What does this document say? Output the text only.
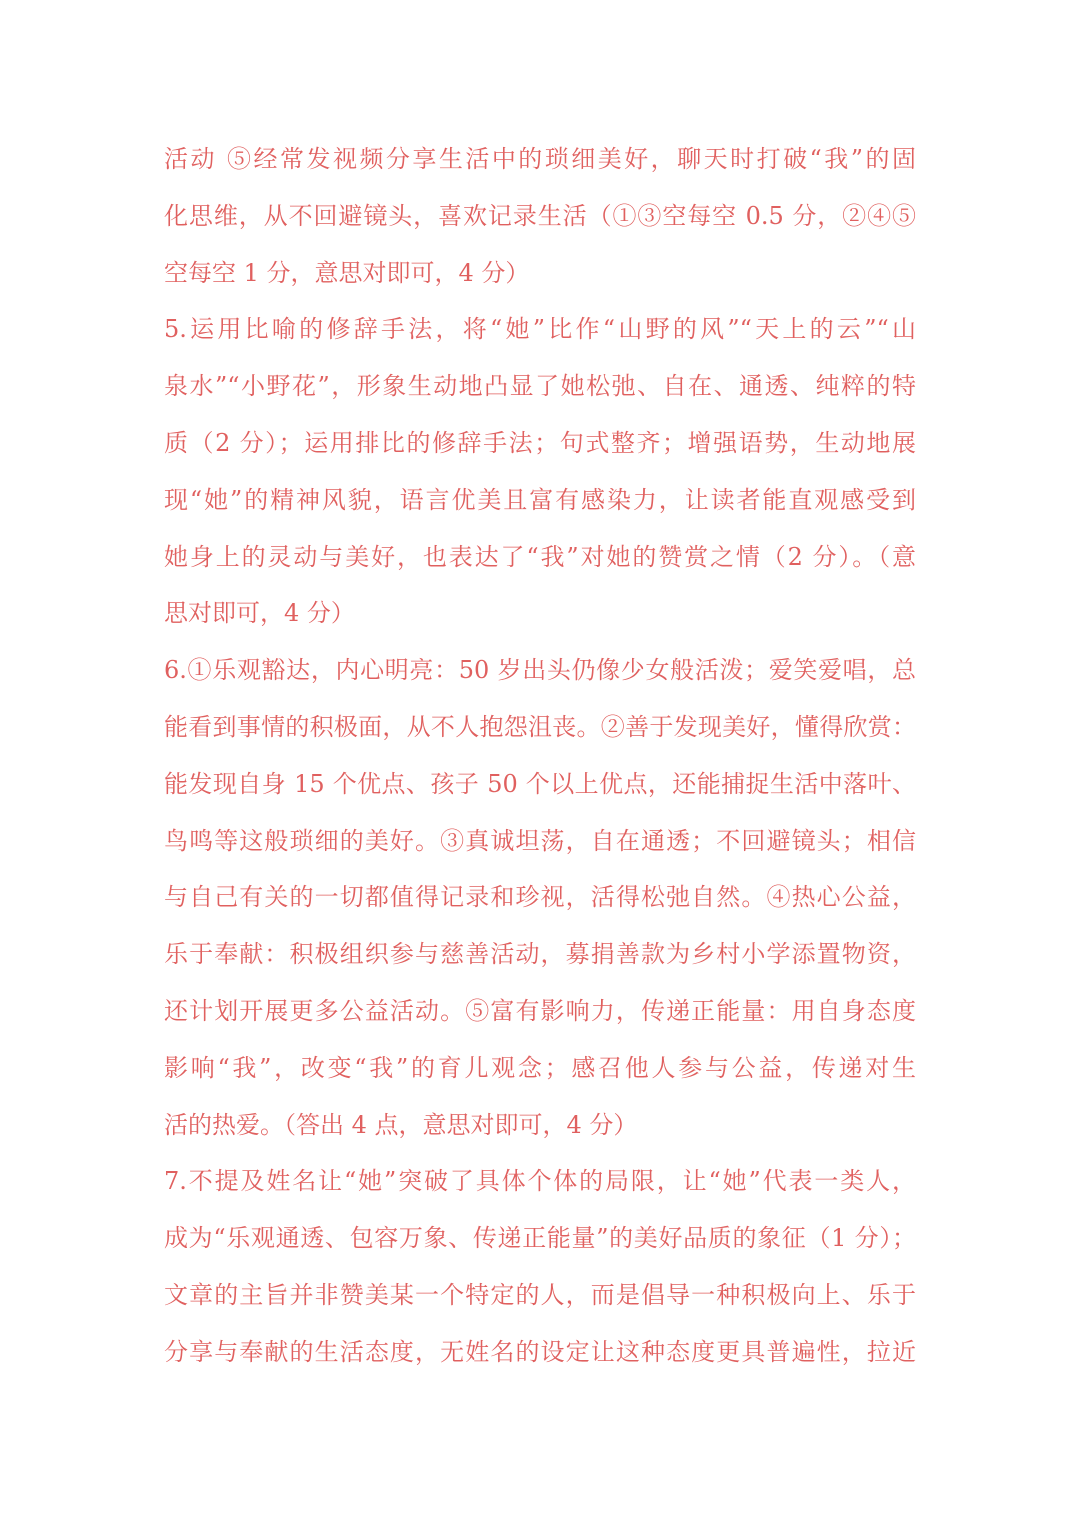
活动 ⑤经常发视频分享生活中的琐细美好，聊天时打破“我”的固
化思维，从不回避镜头，喜欢记录生活（①③空每空 0.5 分，②④⑤
空每空 1 分，意思对即可，4 分）
5.运用比喻的修辞手法，将“她”比作“山野的风”“天上的云”“山
泉水”“小野花”，形象生动地凸显了她松弛、自在、通透、纯粹的特
质（2 分）；运用排比的修辞手法；句式整齐；增强语势，生动地展
现“她”的精神风貌，语言优美且富有感染力，让读者能直观感受到
她身上的灵动与美好，也表达了“我”对她的赞赏之情（2 分）。（意
思对即可，4 分）
6.①乐观豁达，内心明亮：50 岁出头仍像少女般活泼；爱笑爱唱，总
能看到事情的积极面，从不人抱怨沮丧。②善于发现美好，懂得欣赏：
能发现自身 15 个优点、孩子 50 个以上优点，还能捕捉生活中落叶、
鸟鸣等这般琐细的美好。③真诚坦荡，自在通透；不回避镜头；相信
与自己有关的一切都值得记录和珍视，活得松弛自然。④热心公益，
乐于奉献：积极组织参与慈善活动，募捐善款为乡村小学添置物资，
还计划开展更多公益活动。⑤富有影响力，传递正能量：用自身态度
影响“我”，改变“我”的育儿观念；感召他人参与公益，传递对生
活的热爱。（答出 4 点，意思对即可，4 分）
7.不提及姓名让“她”突破了具体个体的局限，让“她”代表一类人，
成为“乐观通透、包容万象、传递正能量”的美好品质的象征（1 分）；
文章的主旨并非赞美某一个特定的人，而是倡导一种积极向上、乐于
分享与奉献的生活态度，无姓名的设定让这种态度更具普遍性，拉近
